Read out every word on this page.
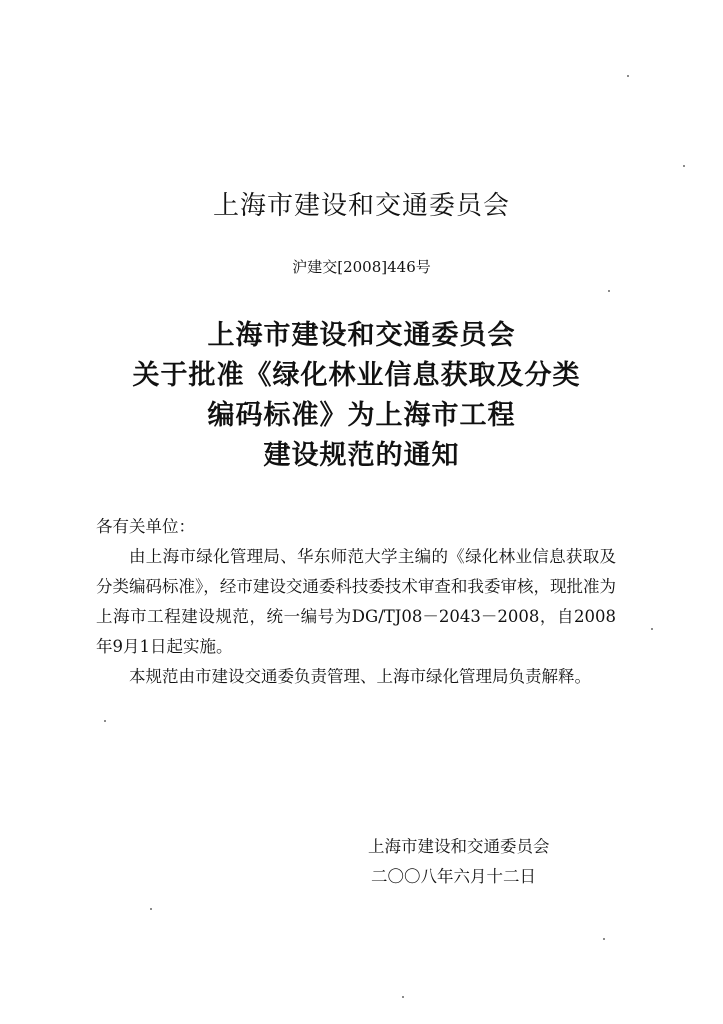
上海市建设和交通委员会
沪建交[2008]446号
上海市建设和交通委员会
关于批准《绿化林业信息获取及分类
编码标准》为上海市工程
建设规范的通知
各有关单位：
由上海市绿化管理局、华东师范大学主编的《绿化林业信息获取及分类编码标准》，经市建设交通委科技委技术审查和我委审核，现批准为上海市工程建设规范，统一编号为DG/TJ08－2043－2008，自2008年9月1日起实施。
本规范由市建设交通委负责管理、上海市绿化管理局负责解释。
上海市建设和交通委员会
二〇〇八年六月十二日
